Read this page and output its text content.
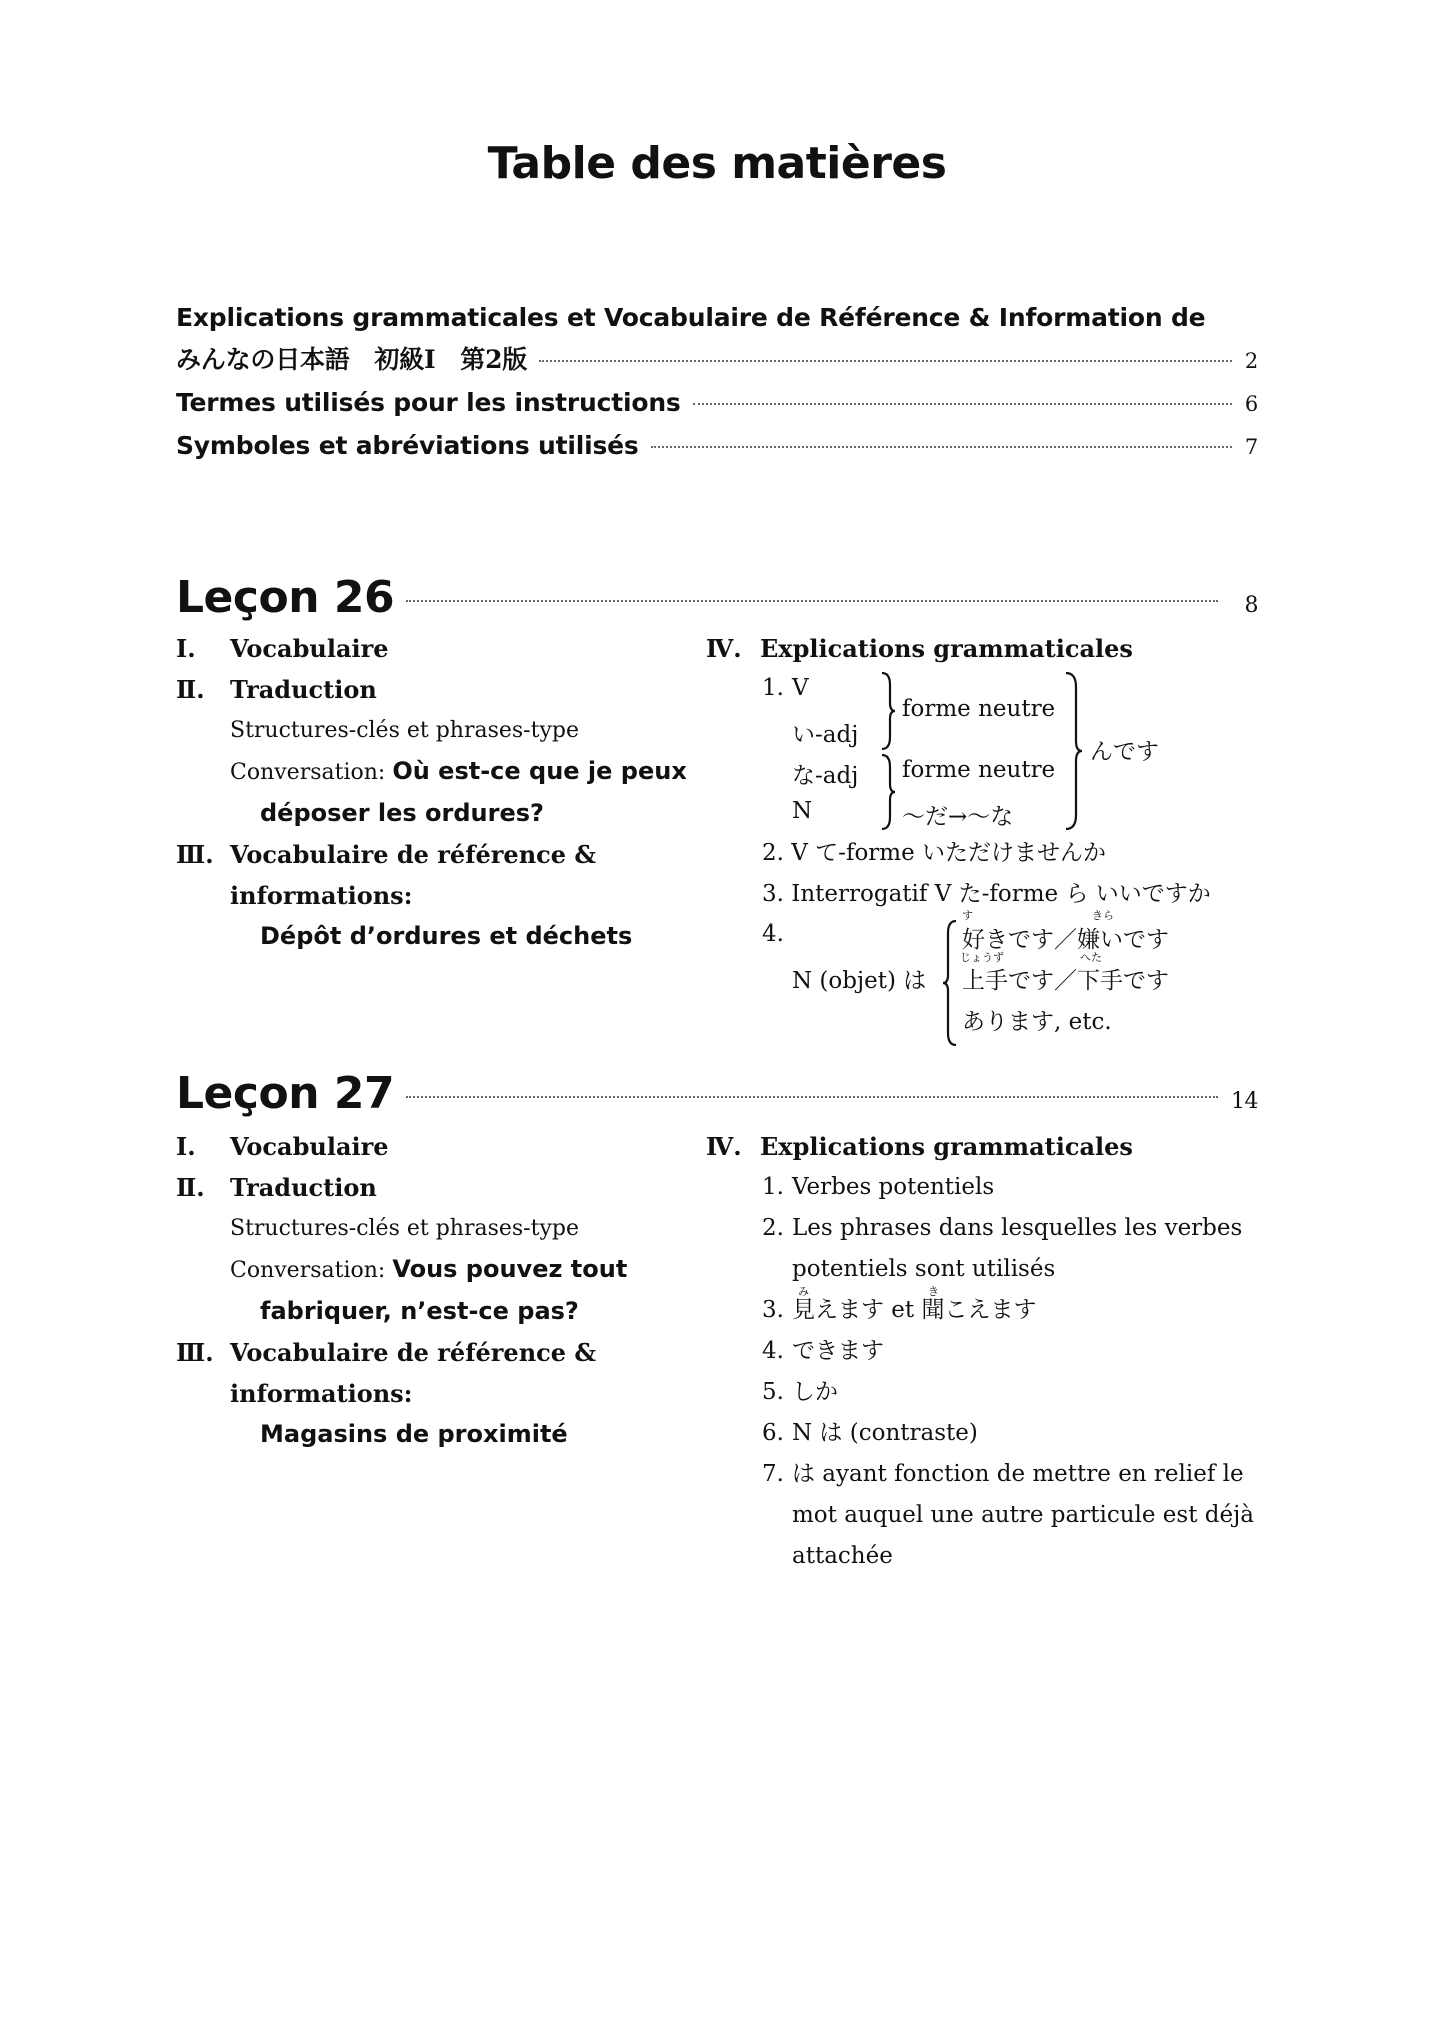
Table des matières
Explications grammaticales et Vocabulaire de Référence & Information de
みんなの日本語　初級Ⅰ　第2版	2
Termes utilisés pour les instructions	6
Symboles et abréviations utilisés	7
Leçon 26	8
Ⅰ. Vocabulaire
Ⅱ. Traduction
Structures-clés et phrases-type
Conversation: Où est-ce que je peux
déposer les ordures?
Ⅲ. Vocabulaire de référence &
informations:
Dépôt d’ordures et déchets
Ⅳ. Explications grammaticales
1. V
い-adj
な-adj
N
forme neutre
forme neutre
～だ→～な
んです
2. V て-forme いただけませんか
3. Interrogatif V た-forme ら いいですか
4.
N (objet) は
す	きら
好きです／嫌いです
じょうず	へた
上手です／下手です
あります, etc.
Leçon 27	14
Ⅰ. Vocabulaire
Ⅱ. Traduction
Structures-clés et phrases-type
Conversation: Vous pouvez tout
fabriquer, n’est-ce pas?
Ⅲ. Vocabulaire de référence &
informations:
Magasins de proximité
Ⅳ. Explications grammaticales
1. Verbes potentiels
2. Les phrases dans lesquelles les verbes
potentiels sont utilisés
み	き
3. 見えます et 聞こえます
4. できます
5. しか
6. N は (contraste)
7. は ayant fonction de mettre en relief le
mot auquel une autre particule est déjà
attachée
